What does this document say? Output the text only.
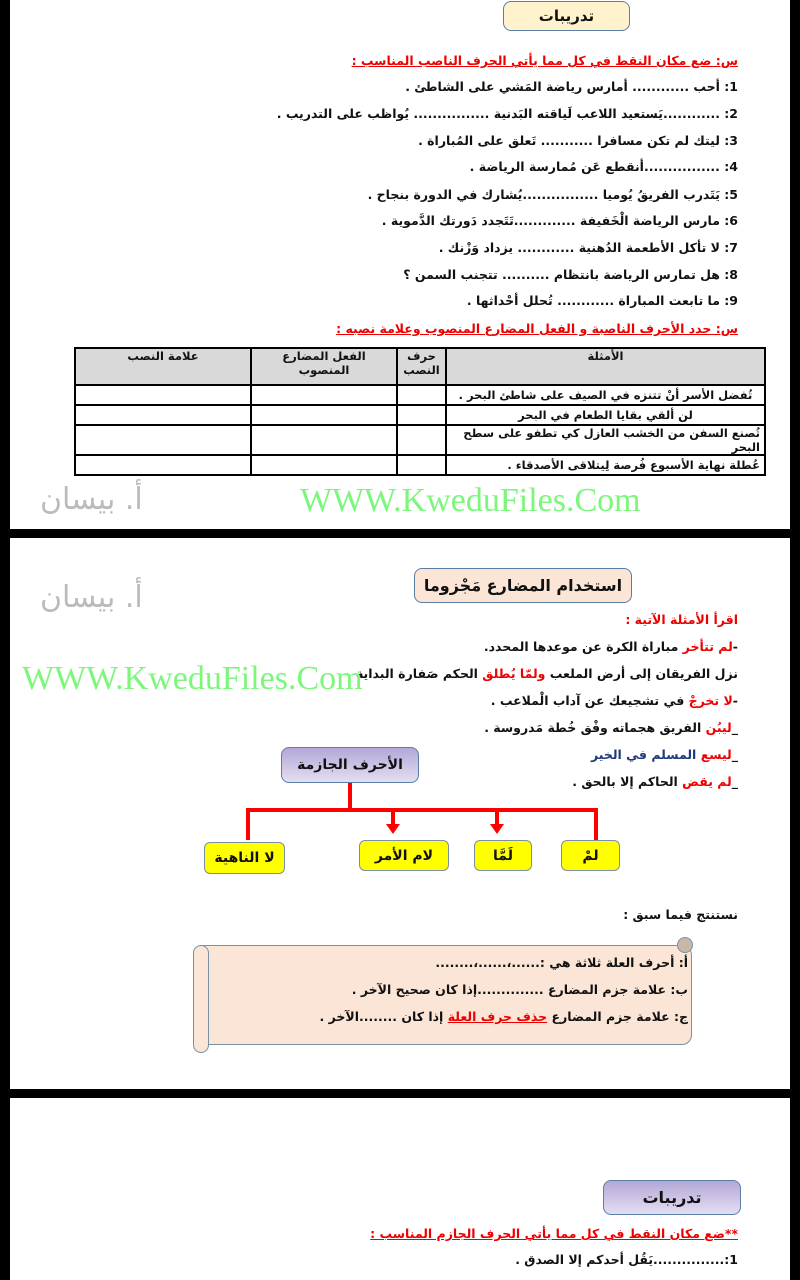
تدريبات
س: ضع مكان النقط في كل مما يأتي الحرف الناصب المناسب :
1: أحب ............ أمارس رياضة المَشي على الشاطئ .
2: ............يَستعيد اللاعب لَياقته البَدنية ................ يُواظب على التدريب .
3: ليتك لم تكن مسافرا ........... تَعلق على المُباراة .
4: ................أنقطع عَن مُمارسة الرياضة .
5: يَتَدرب الفريقُ يُوميا ................يُشارك في الدورة بنجاح .
6: مارس الرياضة الْخَفيفة .............تَتَجدد دَورتك الدَّموية .
7: لا تأكل الأطعمة الدُهنية ............ يزداد وَزْنك .
8: هل تمارس الرياضة بانتظام .......... تتجنب السمن ؟
9: ما تابعت المباراة ............ تُحلل أحْداثها .
س: حدد الأحرف الناصبة و الفعل المضارع المنصوب وعلامة نصبه :
الأمثلة	حرف النصب	الفعل المضارع المنصوب	علامة النصب
تُفضل الأسر أنْ تتنزه في الصيف على شاطئ البحر .			
لن ألقي بقايا الطعام في البحر			
تُصنع السفن من الخشب العازل كي تطفو على سطح البحر			
عُطلة نهاية الأسبوع فُرصة لِيتلاقى الأصدقاء .			
أ. بيسان	WWW.KweduFiles.Com
استخدام المضارع مَجْزوما
اقرأ الأمثلة الآتية :
-لم تتأخر مباراة الكرة عن موعدها المحدد.
نزل الفريقان إلى أرض الملعب ولمّا يُطلق الحكم صَفارة البداية .
-لا تخرجْ في تشجيعك عن آداب الْملاعب .
_ليبُن الفريق هجماته وفْق خُطة مَدروسة .
_ليسع المسلم في الخير
_لم يقض الحاكم إلا بالحق .
أ. بيسان
WWW.KweduFiles.Com
الأحرف الجازمة
لمْ
لَمَّا
لام الأمر
لا الناهية
نستنتج فيما سبق :
أ: أحرف العلة ثلاثة هي :......،......،........
ب: علامة جزم المضارع ..............إذا كان صحيح الآخر .
ج: علامة جزم المضارع حذف حرف العلة إذا كان ........الآخر .
تدريبات
**ضع مكان النقط في كل مما يأتي الحرف الجازم المناسب :
1:...............يَقُل أحدكم إلا الصدق .
